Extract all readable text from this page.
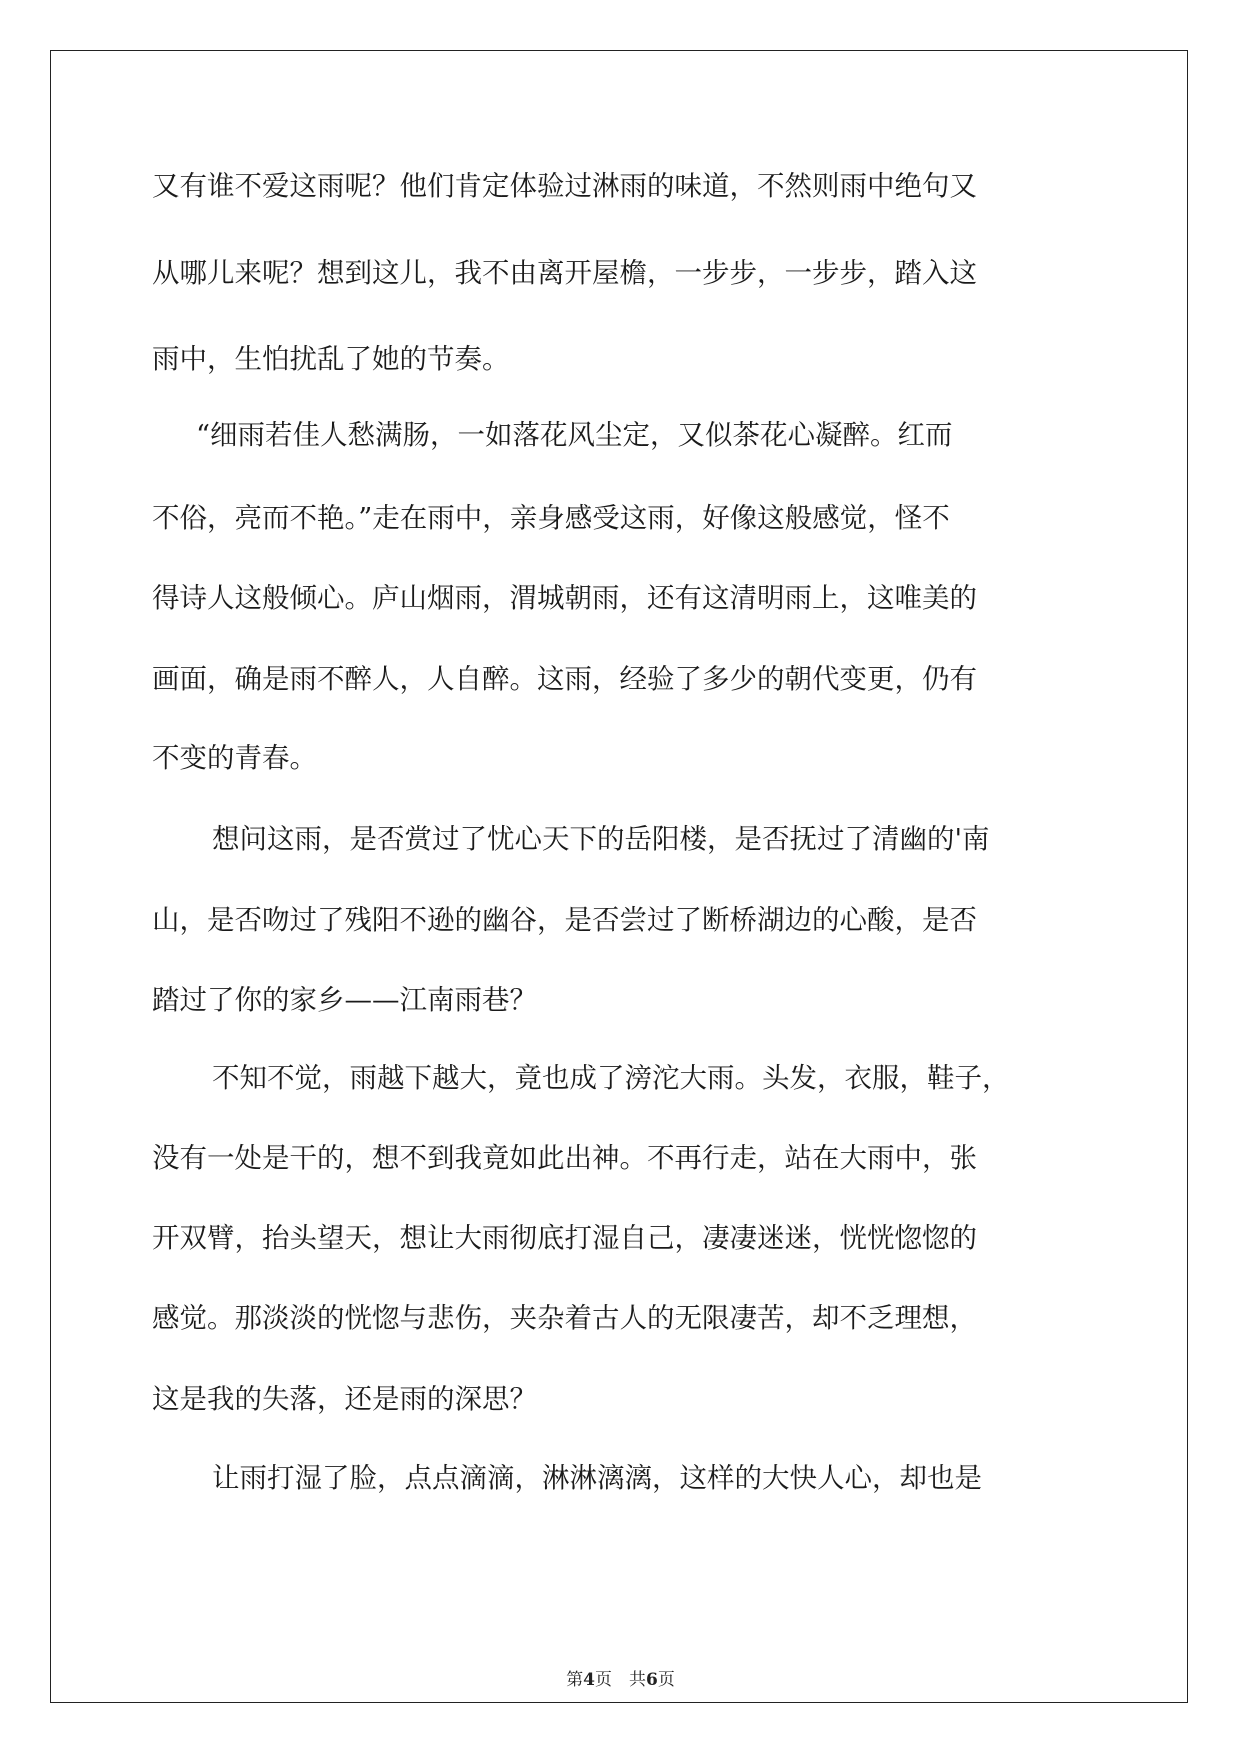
又有谁不爱这雨呢？他们肯定体验过淋雨的味道，不然则雨中绝句又
从哪儿来呢？想到这儿，我不由离开屋檐，一步步，一步步，踏入这
雨中，生怕扰乱了她的节奏。
“细雨若佳人愁满肠，一如落花风尘定，又似茶花心凝醉。红而
不俗，亮而不艳。”走在雨中，亲身感受这雨，好像这般感觉，怪不
得诗人这般倾心。庐山烟雨，渭城朝雨，还有这清明雨上，这唯美的
画面，确是雨不醉人，人自醉。这雨，经验了多少的朝代变更，仍有
不变的青春。
想问这雨，是否赏过了忧心天下的岳阳楼，是否抚过了清幽的'南
山，是否吻过了残阳不逊的幽谷，是否尝过了断桥湖边的心酸，是否
踏过了你的家乡——江南雨巷？
不知不觉，雨越下越大，竟也成了滂沱大雨。头发，衣服，鞋子，
没有一处是干的，想不到我竟如此出神。不再行走，站在大雨中，张
开双臂，抬头望天，想让大雨彻底打湿自己，凄凄迷迷，恍恍惚惚的
感觉。那淡淡的恍惚与悲伤，夹杂着古人的无限凄苦，却不乏理想，
这是我的失落，还是雨的深思？
让雨打湿了脸，点点滴滴，淋淋漓漓，这样的大快人心，却也是
第4页　共6页
